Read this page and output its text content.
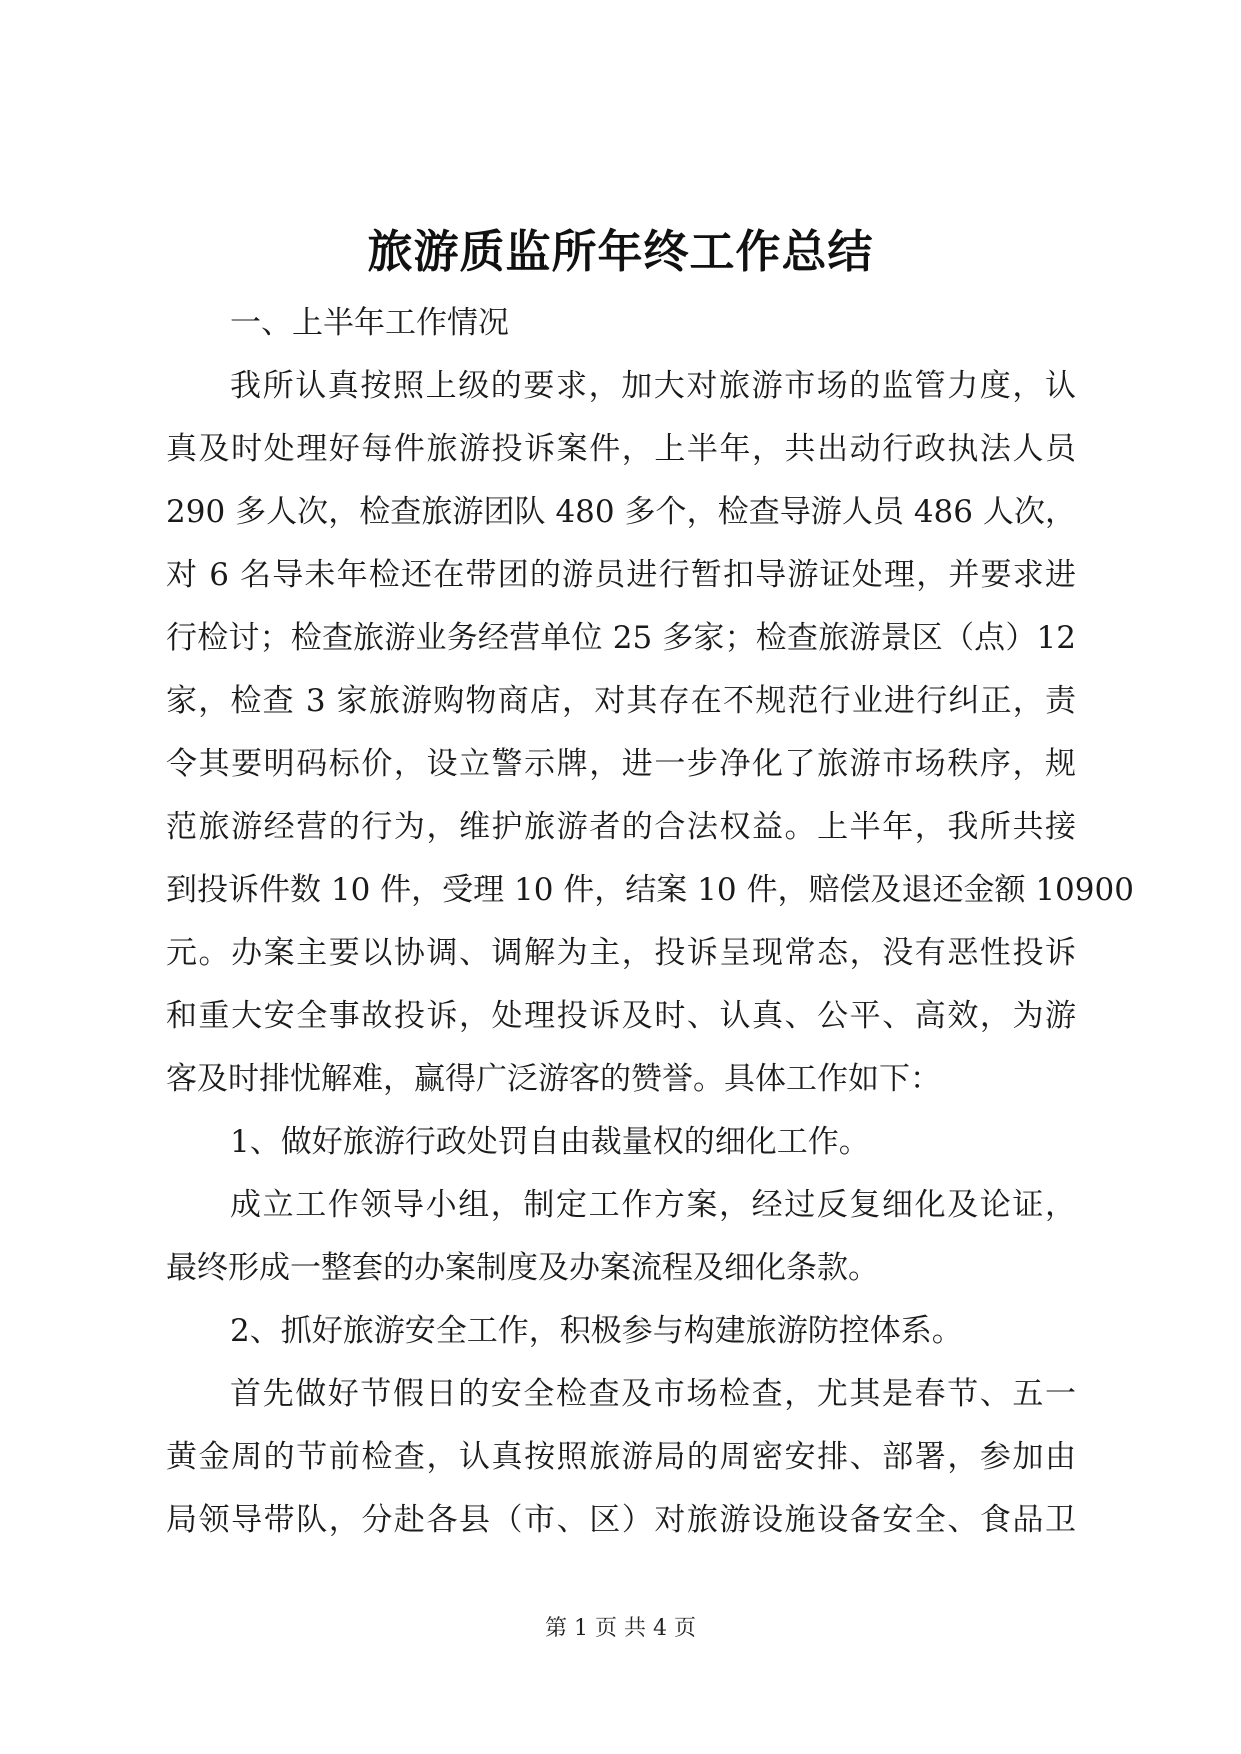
旅游质监所年终工作总结
一、上半年工作情况
我所认真按照上级的要求，加大对旅游市场的监管力度，认
真及时处理好每件旅游投诉案件，上半年，共出动行政执法人员
290 多人次，检查旅游团队 480 多个，检查导游人员 486 人次，
对 6 名导未年检还在带团的游员进行暂扣导游证处理，并要求进
行检讨；检查旅游业务经营单位 25 多家；检查旅游景区（点）12
家，检查 3 家旅游购物商店，对其存在不规范行业进行纠正，责
令其要明码标价，设立警示牌，进一步净化了旅游市场秩序，规
范旅游经营的行为，维护旅游者的合法权益。上半年，我所共接
到投诉件数 10 件，受理 10 件，结案 10 件，赔偿及退还金额 10900
元。办案主要以协调、调解为主，投诉呈现常态，没有恶性投诉
和重大安全事故投诉，处理投诉及时、认真、公平、高效，为游
客及时排忧解难，赢得广泛游客的赞誉。具体工作如下：
1、做好旅游行政处罚自由裁量权的细化工作。
成立工作领导小组，制定工作方案，经过反复细化及论证，
最终形成一整套的办案制度及办案流程及细化条款。
2、抓好旅游安全工作，积极参与构建旅游防控体系。
首先做好节假日的安全检查及市场检查，尤其是春节、五一
黄金周的节前检查，认真按照旅游局的周密安排、部署，参加由
局领导带队，分赴各县（市、区）对旅游设施设备安全、食品卫
第 1 页 共 4 页
